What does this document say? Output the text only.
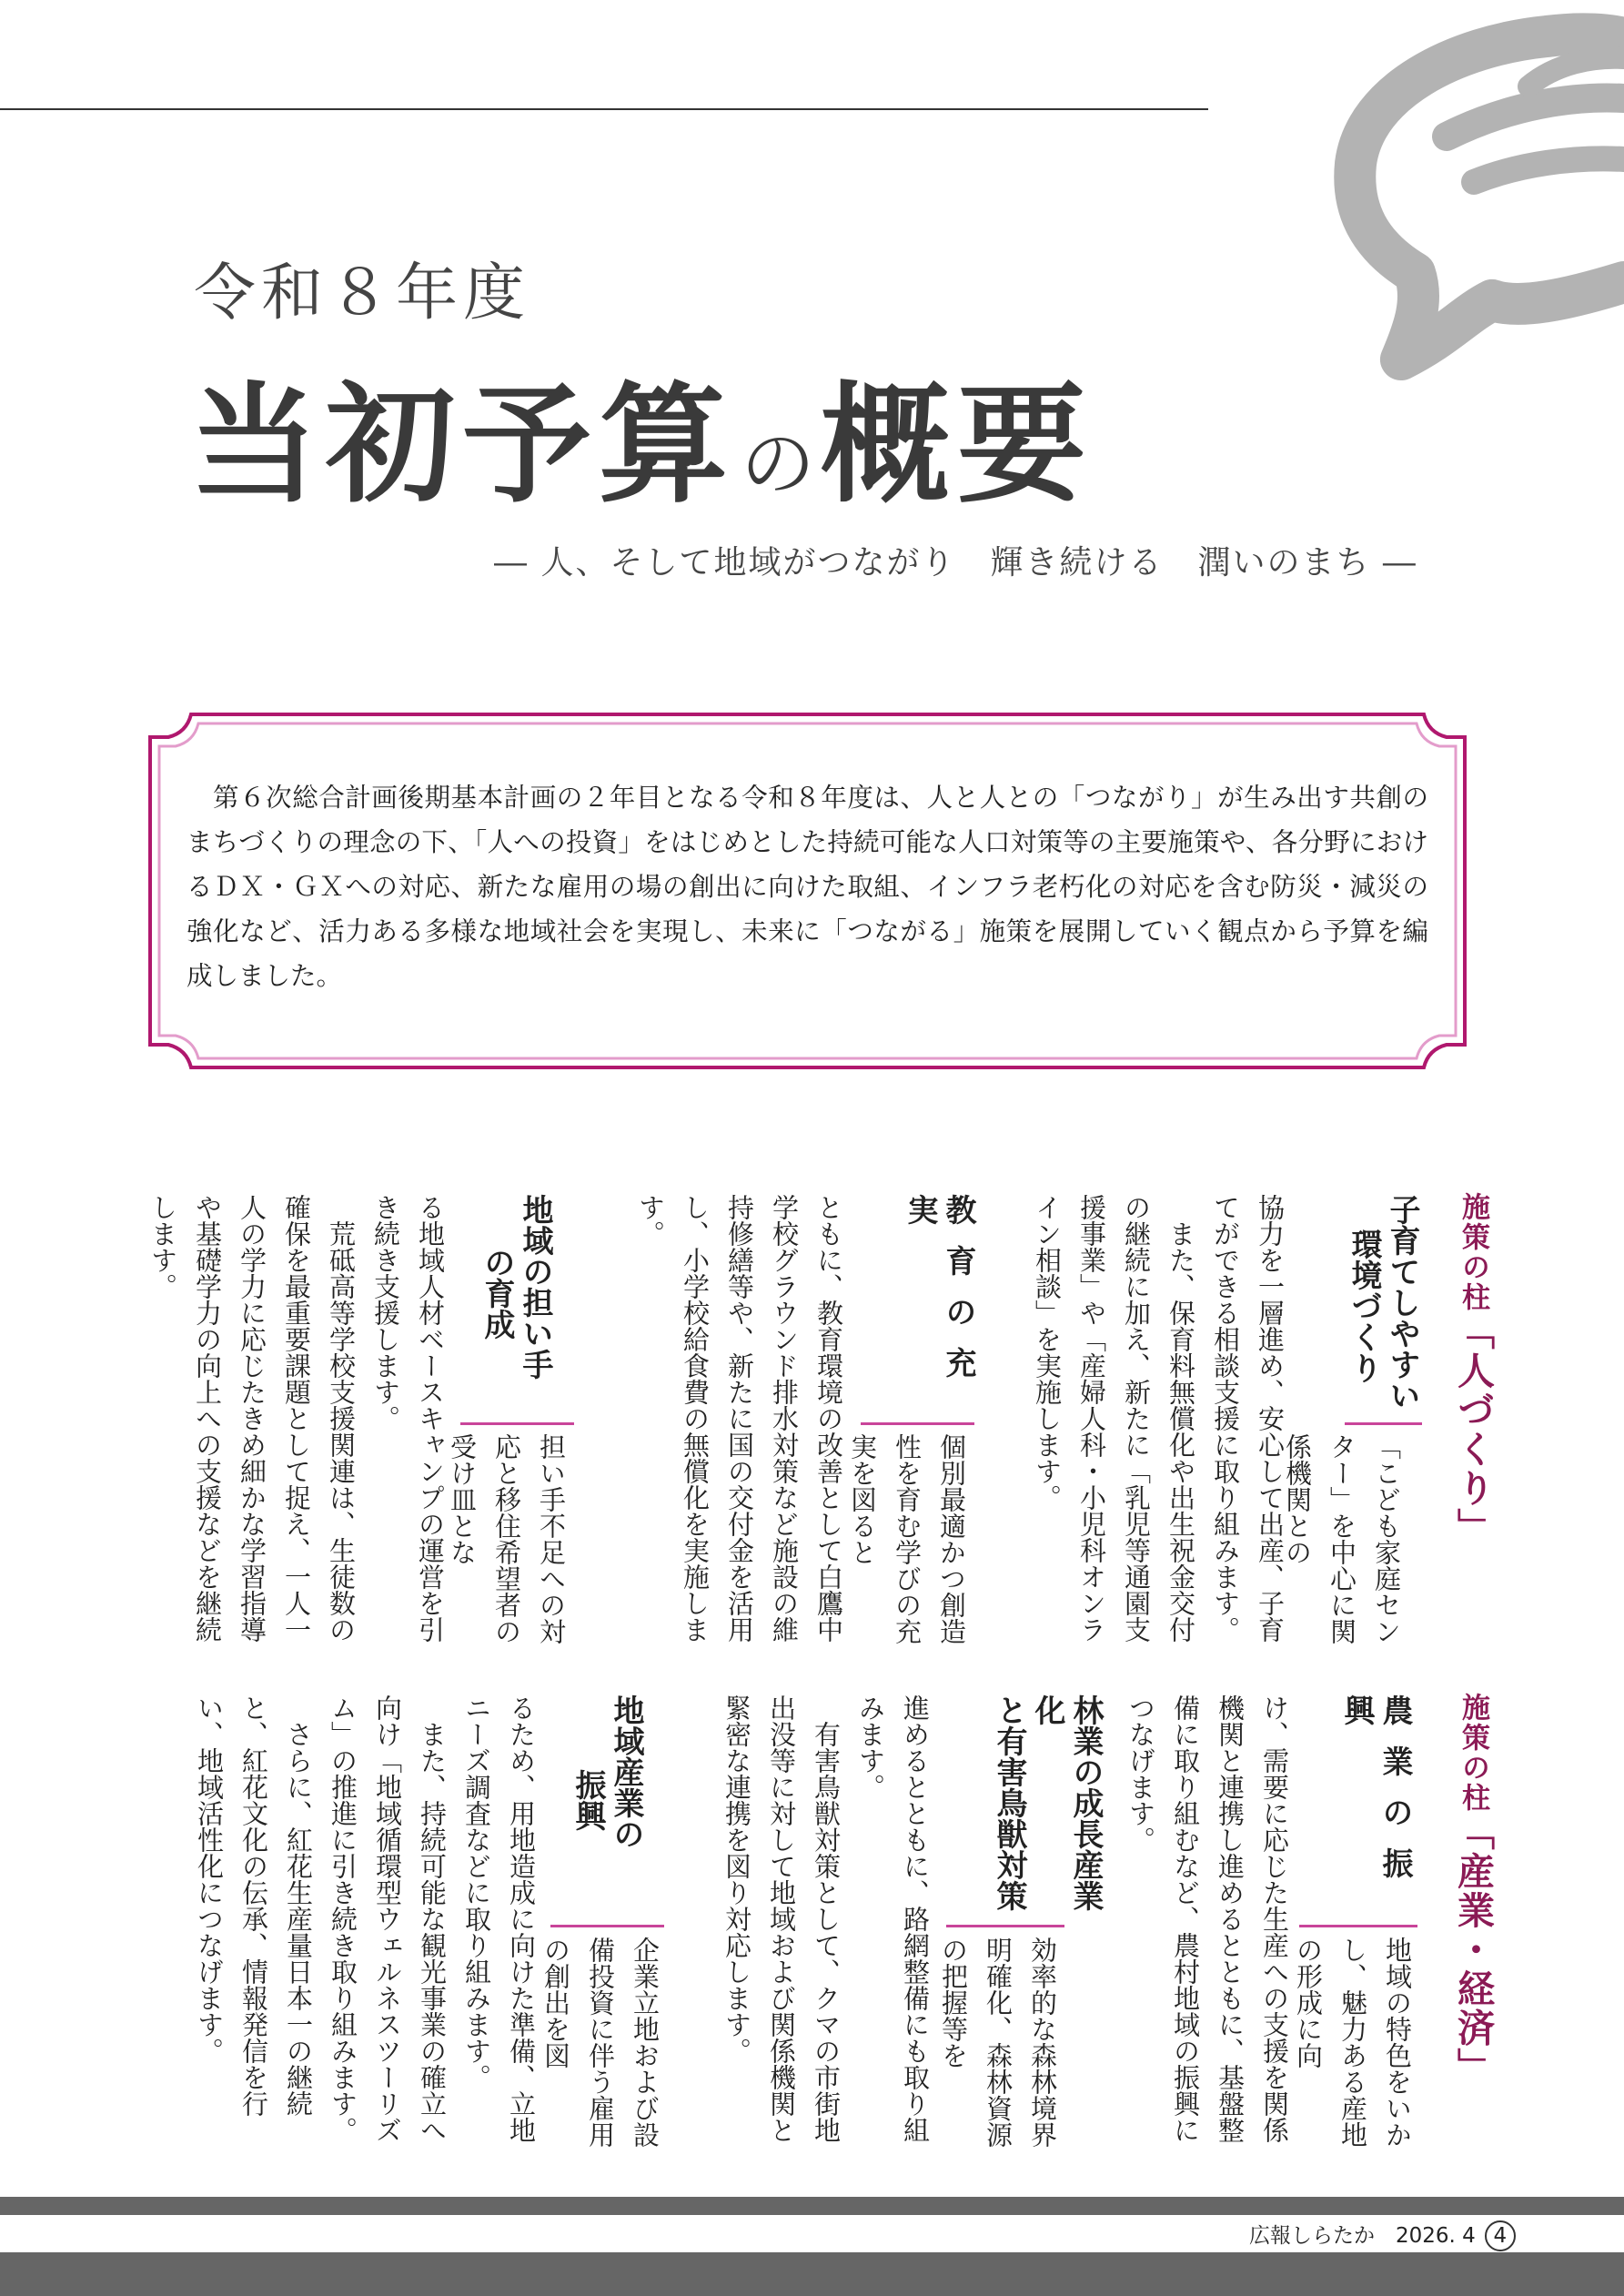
令和８年度
当初予算の概要
― 人、そして地域がつながり　輝き続ける　潤いのまち ―
　第６次総合計画後期基本計画の２年目となる令和８年度は、人と人との「つながり」が生み出す共創のまちづくりの理念の下、「人への投資」をはじめとした持続可能な人口対策等の主要施策や、各分野におけるＤＸ・ＧＸへの対応、新たな雇用の場の創出に向けた取組、インフラ老朽化の対応を含む防災・減災の強化など、活力ある多様な地域社会を実現し、未来に「つながる」施策を展開していく観点から予算を編成しました。
施策の柱「人づくり」
子育てしやすい
環境づくり
「こども家庭センター」を中心に関係機関との
協力を一層進め、安心して出産、子育てができる相談支援に取り組みます。
　また、保育料無償化や出生祝金交付の継続に加え、新たに「乳児等通園支援事業」や「産婦人科・小児科オンライン相談」を実施します。
教育の充実
個別最適かつ創造性を育む学びの充実を図ると
ともに、教育環境の改善として白鷹中学校グラウンド排水対策など施設の維持修繕等や、新たに国の交付金を活用し、小学校給食費の無償化を実施します。
地域の担い手
の育成
担い手不足への対応と移住希望者の受け皿とな
る地域人材ベースキャンプの運営を引き続き支援します。
　荒砥高等学校支援関連は、生徒数の確保を最重要課題として捉え、一人一人の学力に応じたきめ細かな学習指導や基礎学力の向上への支援などを継続します。
施策の柱「産業・経済」
農業の振興
地域の特色をいかし、魅力ある産地の形成に向
け、需要に応じた生産への支援を関係機関と連携し進めるとともに、基盤整備に取り組むなど、農村地域の振興につなげます。
林業の成長産業化
と有害鳥獣対策
効率的な森林境界明確化、森林資源の把握等を
進めるとともに、路網整備にも取り組みます。
　有害鳥獣対策として、クマの市街地出没等に対して地域および関係機関と緊密な連携を図り対応します。
地域産業の
振興
企業立地および設備投資に伴う雇用の創出を図
るため、用地造成に向けた準備、立地ニーズ調査などに取り組みます。
　また、持続可能な観光事業の確立へ向け「地域循環型ウェルネスツーリズム」の推進に引き続き取り組みます。
　さらに、紅花生産量日本一の継続と、紅花文化の伝承、情報発信を行い、地域活性化につなげます。
広報しらたか　 2026. 4 4
